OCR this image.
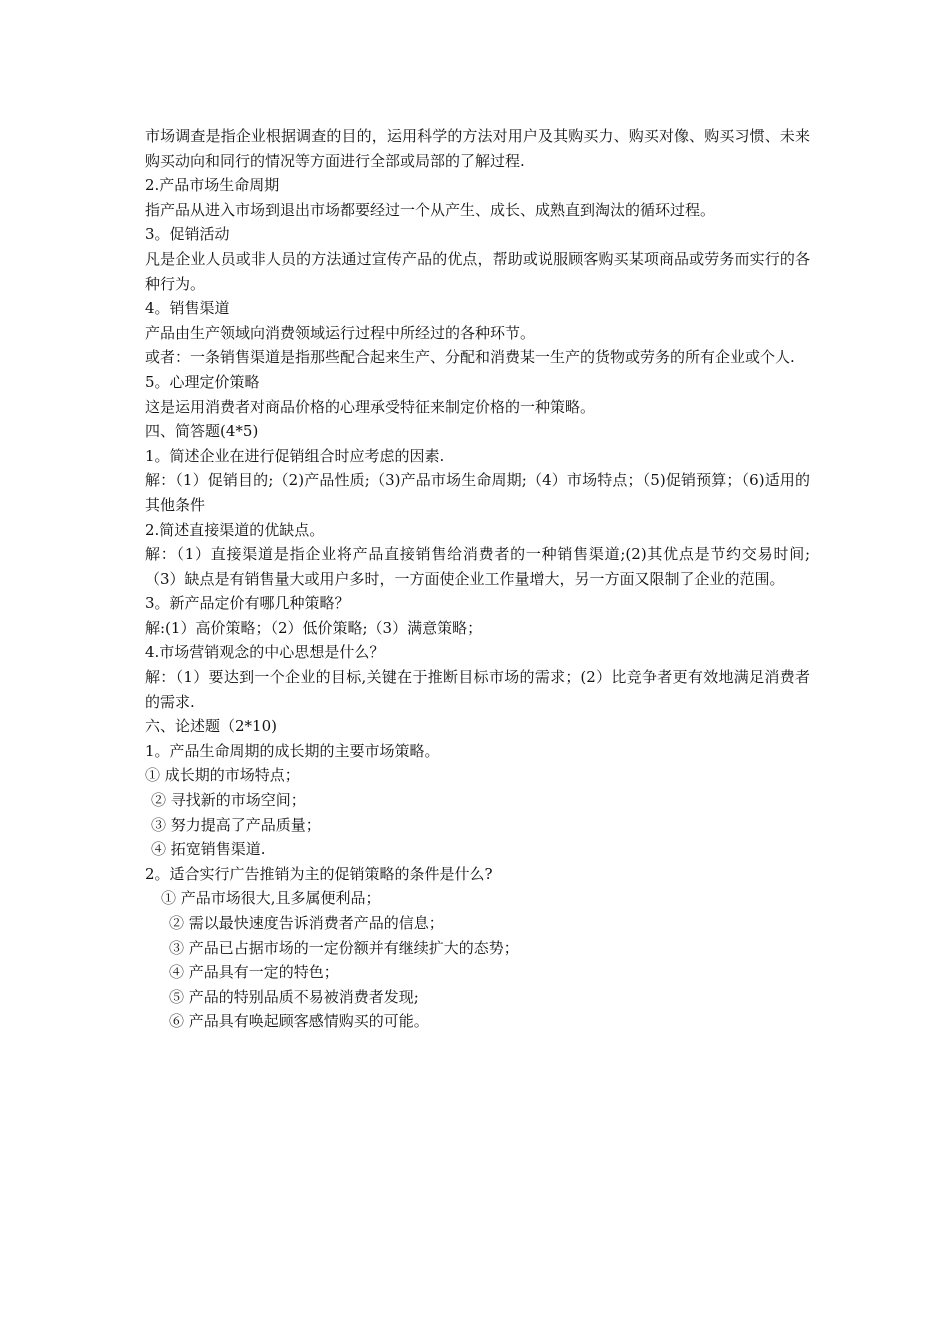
市场调查是指企业根据调查的目的，运用科学的方法对用户及其购买力、购买对像、购买习惯、未来购买动向和同行的情况等方面进行全部或局部的了解过程.

2.产品市场生命周期

指产品从进入市场到退出市场都要经过一个从产生、成长、成熟直到淘汰的循环过程。

3。促销活动

凡是企业人员或非人员的方法通过宣传产品的优点，帮助或说服顾客购买某项商品或劳务而实行的各种行为。

4。销售渠道

产品由生产领域向消费领域运行过程中所经过的各种环节。

或者：一条销售渠道是指那些配合起来生产、分配和消费某一生产的货物或劳务的所有企业或个人.

5。心理定价策略

这是运用消费者对商品价格的心理承受特征来制定价格的一种策略。

四、简答题(4*5)

1。简述企业在进行促销组合时应考虑的因素.

解：（1）促销目的;（2)产品性质;（3)产品市场生命周期;（4）市场特点；（5)促销预算；（6)适用的其他条件

2.简述直接渠道的优缺点。

解：（1）直接渠道是指企业将产品直接销售给消费者的一种销售渠道;(2)其优点是节约交易时间;（3）缺点是有销售量大或用户多时，一方面使企业工作量增大，另一方面又限制了企业的范围。

3。新产品定价有哪几种策略？

解:(1）高价策略；（2）低价策略;（3）满意策略；

4.市场营销观念的中心思想是什么？

解：（1）要达到一个企业的目标,关键在于推断目标市场的需求；(2）比竞争者更有效地满足消费者的需求.

六、论述题（2*10)

1。产品生命周期的成长期的主要市场策略。

① 成长期的市场特点；

② 寻找新的市场空间；

③ 努力提高了产品质量；

④ 拓宽销售渠道.

2。适合实行广告推销为主的促销策略的条件是什么?

① 产品市场很大,且多属便利品；

② 需以最快速度告诉消费者产品的信息；

③ 产品已占据市场的一定份额并有继续扩大的态势；

④ 产品具有一定的特色；

⑤ 产品的特别品质不易被消费者发现;

⑥ 产品具有唤起顾客感情购买的可能。
